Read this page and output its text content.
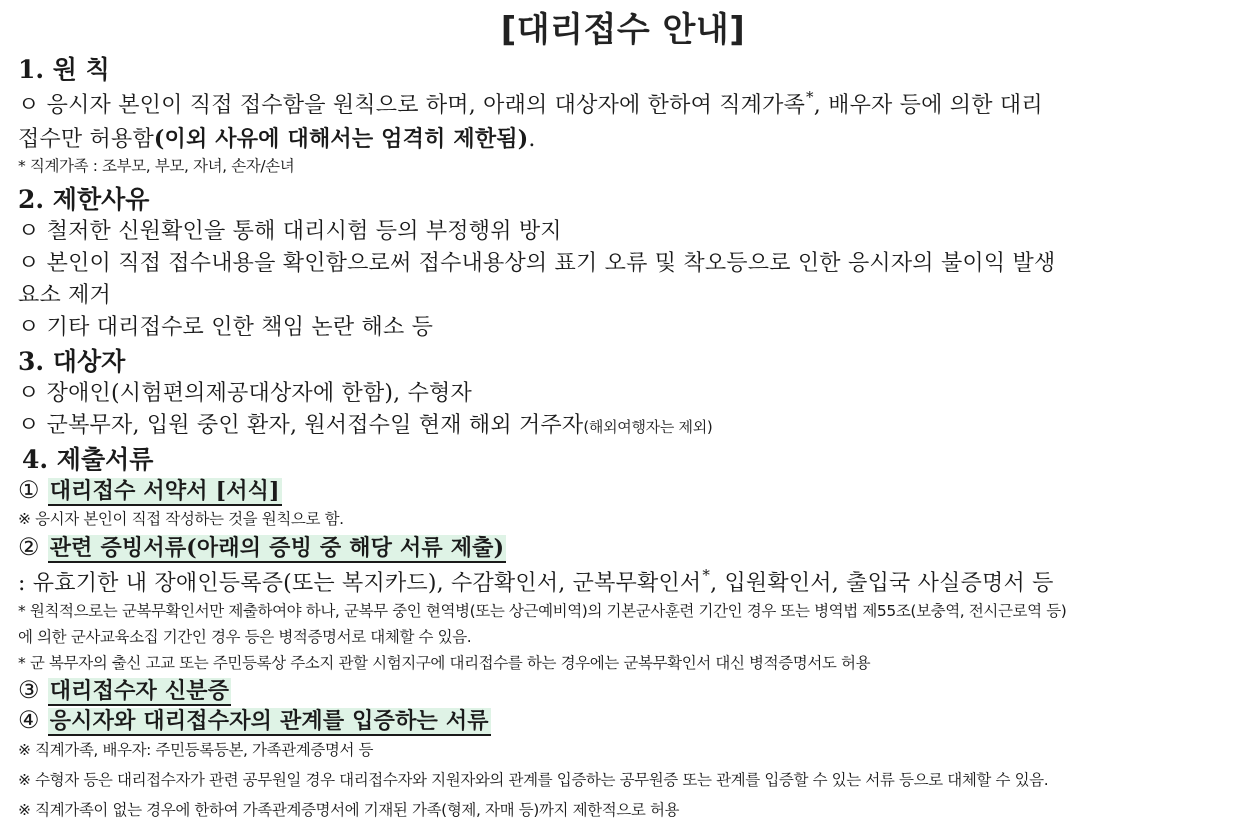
[대리접수 안내]
1. 원 칙
ㅇ 응시자 본인이 직접 접수함을 원칙으로 하며, 아래의 대상자에 한하여 직계가족*, 배우자 등에 의한 대리
접수만 허용함(이외 사유에 대해서는 엄격히 제한됨).
* 직계가족 : 조부모, 부모, 자녀, 손자/손녀
2. 제한사유
ㅇ 철저한 신원확인을 통해 대리시험 등의 부정행위 방지
ㅇ 본인이 직접 접수내용을 확인함으로써 접수내용상의 표기 오류 및 착오등으로 인한 응시자의 불이익 발생
요소 제거
ㅇ 기타 대리접수로 인한 책임 논란 해소 등
3. 대상자
ㅇ 장애인(시험편의제공대상자에 한함), 수형자
ㅇ 군복무자, 입원 중인 환자, 원서접수일 현재 해외 거주자(해외여행자는 제외)
4. 제출서류
① 대리접수 서약서 [서식]
※ 응시자 본인이 직접 작성하는 것을 원칙으로 함.
② 관련 증빙서류(아래의 증빙 중 해당 서류 제출)
: 유효기한 내 장애인등록증(또는 복지카드), 수감확인서, 군복무확인서*, 입원확인서, 출입국 사실증명서 등
* 원칙적으로는 군복무확인서만 제출하여야 하나, 군복무 중인 현역병(또는 상근예비역)의 기본군사훈련 기간인 경우 또는 병역법 제55조(보충역, 전시근로역 등)
에 의한 군사교육소집 기간인 경우 등은 병적증명서로 대체할 수 있음.
* 군 복무자의 출신 고교 또는 주민등록상 주소지 관할 시험지구에 대리접수를 하는 경우에는 군복무확인서 대신 병적증명서도 허용
③ 대리접수자 신분증
④ 응시자와 대리접수자의 관계를 입증하는 서류
※ 직계가족, 배우자: 주민등록등본, 가족관계증명서 등
※ 수형자 등은 대리접수자가 관련 공무원일 경우 대리접수자와 지원자와의 관계를 입증하는 공무원증 또는 관계를 입증할 수 있는 서류 등으로 대체할 수 있음.
※ 직계가족이 없는 경우에 한하여 가족관계증명서에 기재된 가족(형제, 자매 등)까지 제한적으로 허용
